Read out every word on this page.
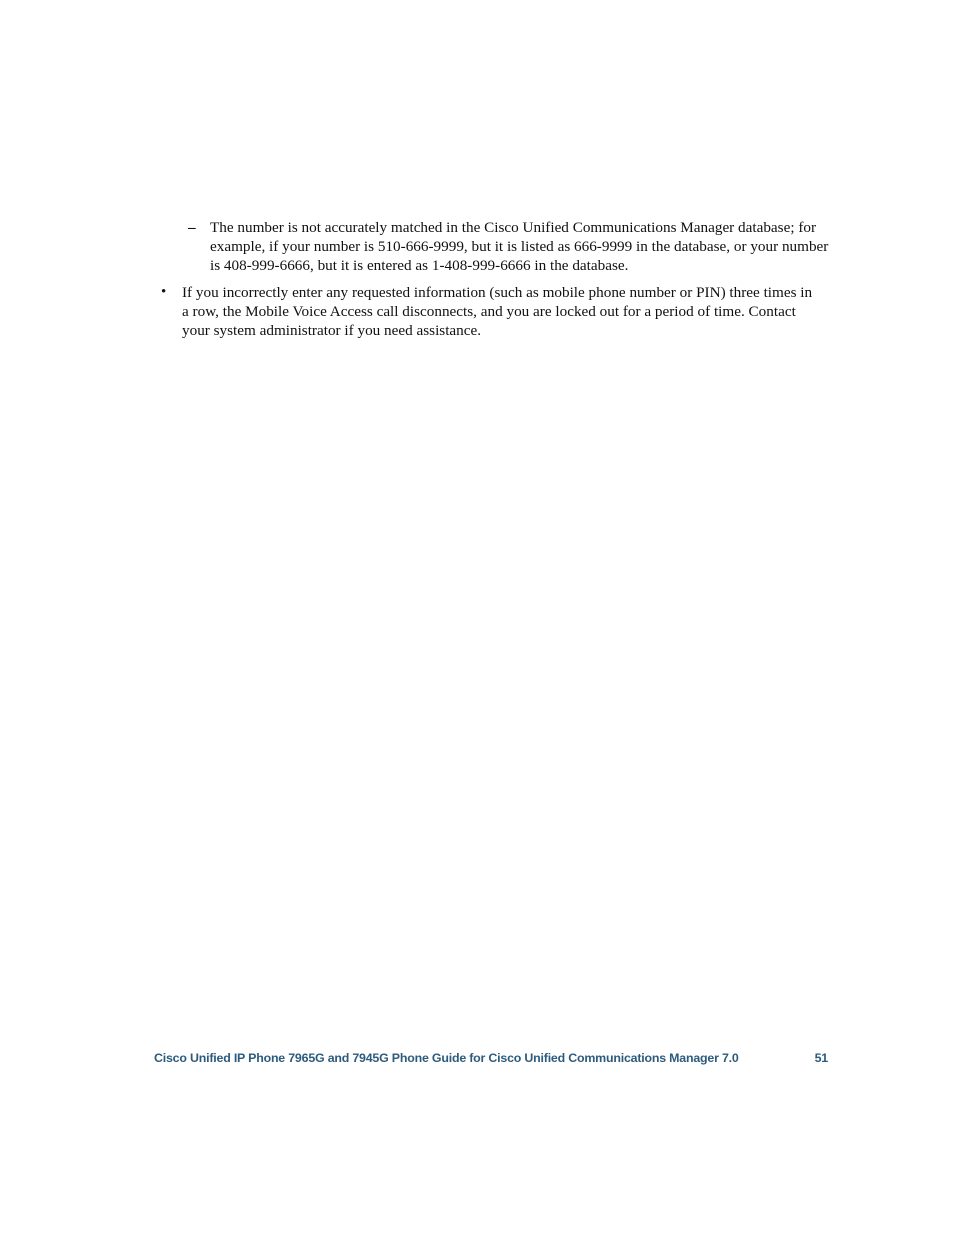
– The number is not accurately matched in the Cisco Unified Communications Manager database; for example, if your number is 510-666-9999, but it is listed as 666-9999 in the database, or your number is 408-999-6666, but it is entered as 1-408-999-6666 in the database.
• If you incorrectly enter any requested information (such as mobile phone number or PIN) three times in a row, the Mobile Voice Access call disconnects, and you are locked out for a period of time. Contact your system administrator if you need assistance.
Cisco Unified IP Phone 7965G and 7945G Phone Guide for Cisco Unified Communications Manager 7.0	51
